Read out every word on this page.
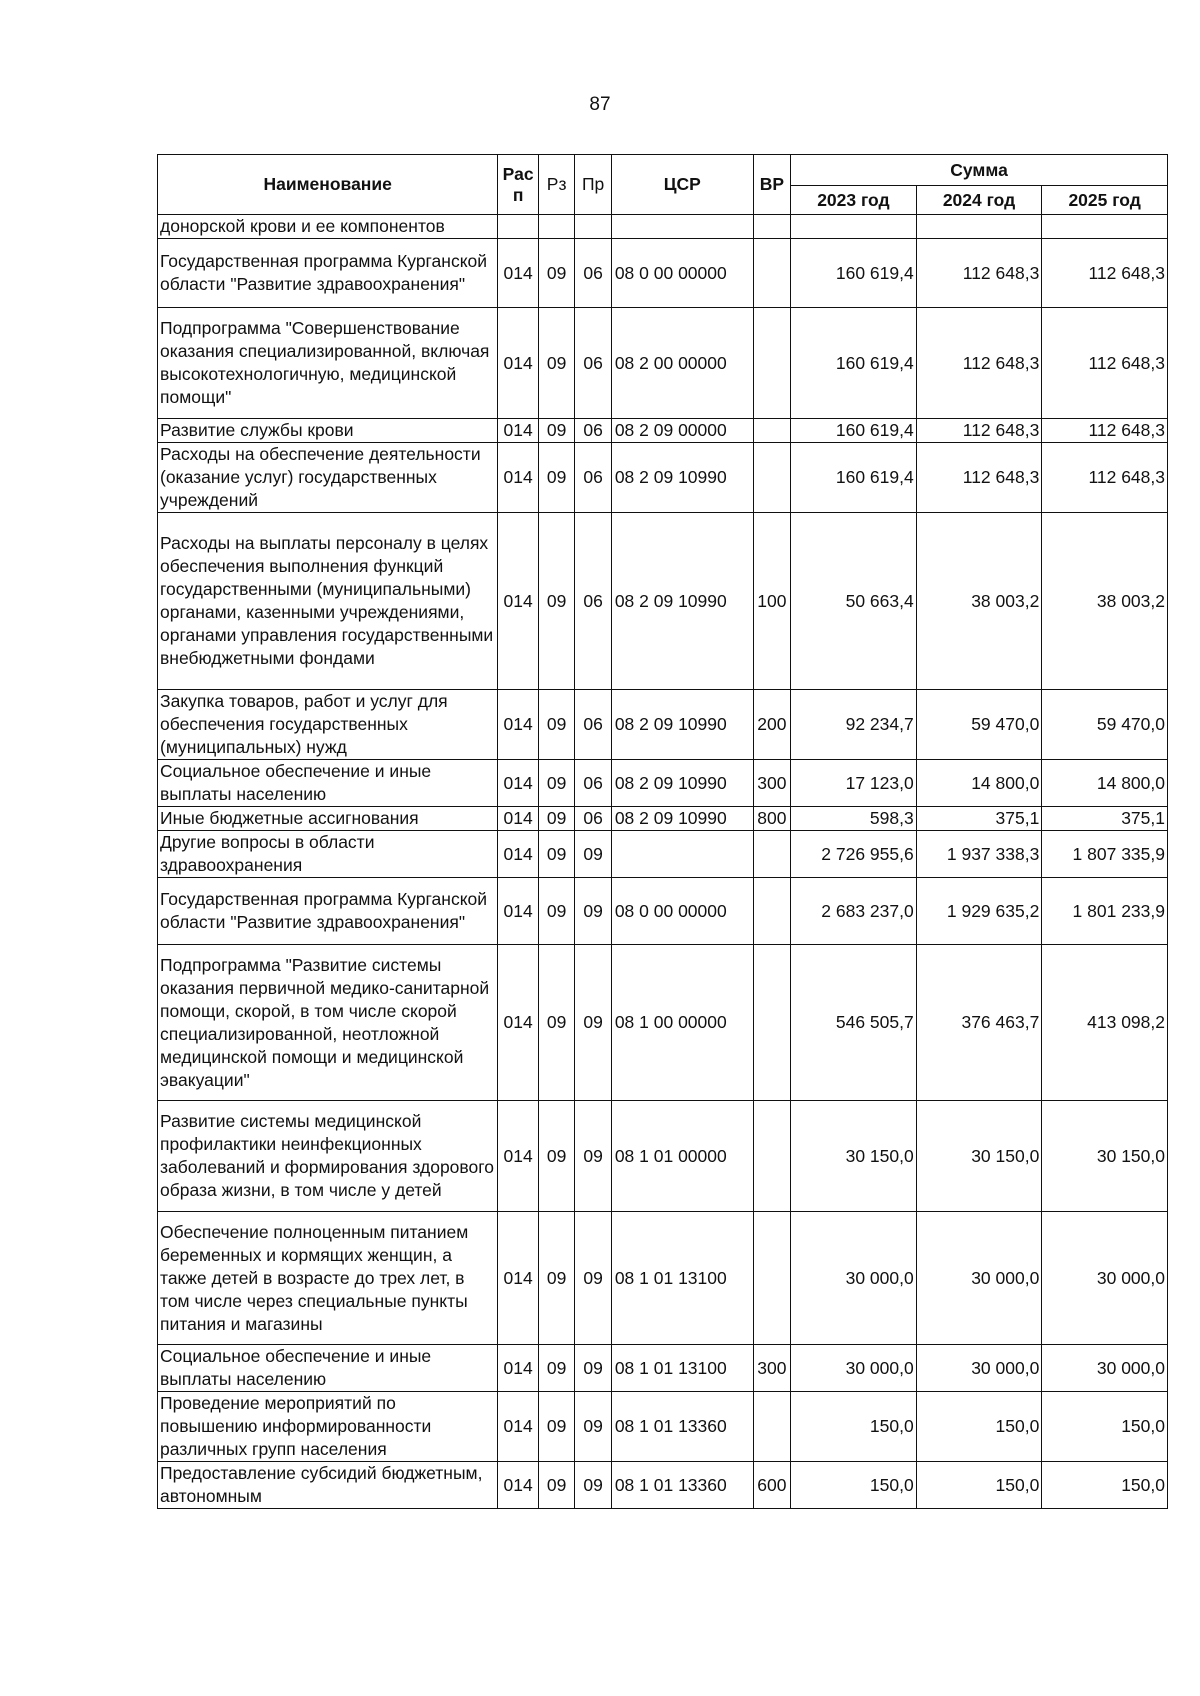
87
Наименование	Рас п	Рз	Пр	ЦСР	ВР	Сумма		
						2023 год	2024 год	2025 год
донорской крови и ее компонентов								
Государственная программа Курганской области "Развитие здравоохранения"	014	09	06	08 0 00 00000		160 619,4	112 648,3	112 648,3
Подпрограмма "Совершенствование оказания специализированной, включая высокотехнологичную, медицинской помощи"	014	09	06	08 2 00 00000		160 619,4	112 648,3	112 648,3
Развитие службы крови	014	09	06	08 2 09 00000		160 619,4	112 648,3	112 648,3
Расходы на обеспечение деятельности (оказание услуг) государственных учреждений	014	09	06	08 2 09 10990		160 619,4	112 648,3	112 648,3
Расходы на выплаты персоналу в целях обеспечения выполнения функций государственными (муниципальными) органами, казенными учреждениями, органами управления государственными внебюджетными фондами	014	09	06	08 2 09 10990	100	50 663,4	38 003,2	38 003,2
Закупка товаров, работ и услуг для обеспечения государственных (муниципальных) нужд	014	09	06	08 2 09 10990	200	92 234,7	59 470,0	59 470,0
Социальное обеспечение и иные выплаты населению	014	09	06	08 2 09 10990	300	17 123,0	14 800,0	14 800,0
Иные бюджетные ассигнования	014	09	06	08 2 09 10990	800	598,3	375,1	375,1
Другие вопросы в области здравоохранения	014	09	09			2 726 955,6	1 937 338,3	1 807 335,9
Государственная программа Курганской области "Развитие здравоохранения"	014	09	09	08 0 00 00000		2 683 237,0	1 929 635,2	1 801 233,9
Подпрограмма "Развитие системы оказания первичной медико-санитарной помощи, скорой, в том числе скорой специализированной, неотложной медицинской помощи и медицинской эвакуации"	014	09	09	08 1 00 00000		546 505,7	376 463,7	413 098,2
Развитие системы медицинской профилактики неинфекционных заболеваний и формирования здорового образа жизни, в том числе у детей	014	09	09	08 1 01 00000		30 150,0	30 150,0	30 150,0
Обеспечение полноценным питанием беременных и кормящих женщин, а также детей в возрасте до трех лет, в том числе через специальные пункты питания и магазины	014	09	09	08 1 01 13100		30 000,0	30 000,0	30 000,0
Социальное обеспечение и иные выплаты населению	014	09	09	08 1 01 13100	300	30 000,0	30 000,0	30 000,0
Проведение мероприятий по повышению информированности различных групп населения	014	09	09	08 1 01 13360		150,0	150,0	150,0
Предоставление субсидий бюджетным, автономным	014	09	09	08 1 01 13360	600	150,0	150,0	150,0
